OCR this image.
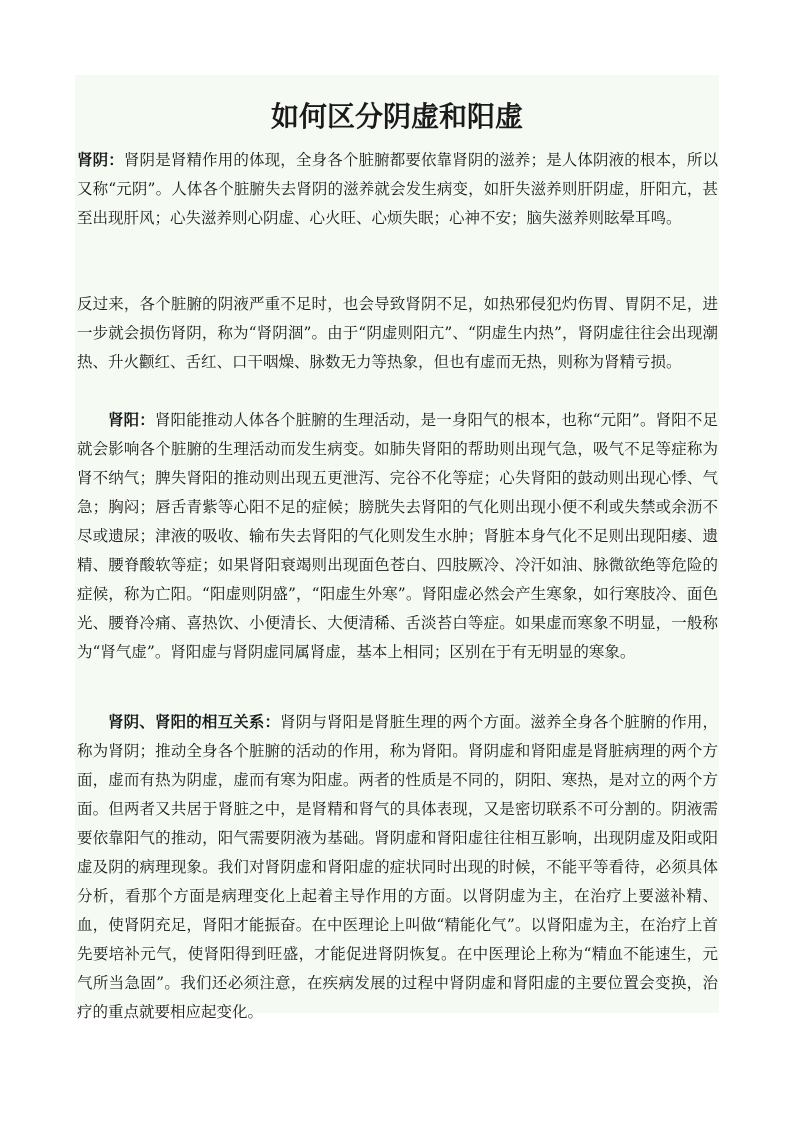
如何区分阴虚和阳虚

肾阴：肾阴是肾精作用的体现，全身各个脏腑都要依靠肾阴的滋养；是人体阴液的根本，所以又称“元阴”。人体各个脏腑失去肾阴的滋养就会发生病变，如肝失滋养则肝阴虚，肝阳亢，甚至出现肝风；心失滋养则心阴虚、心火旺、心烦失眠；心神不安；脑失滋养则眩晕耳鸣。

反过来，各个脏腑的阴液严重不足时，也会导致肾阴不足，如热邪侵犯灼伤胃、胃阴不足，进一步就会损伤肾阴，称为“肾阴涸”。由于“阴虚则阳亢”、“阴虚生内热”，肾阴虚往往会出现潮热、升火颧红、舌红、口干咽燥、脉数无力等热象，但也有虚而无热，则称为肾精亏损。

肾阳：肾阳能推动人体各个脏腑的生理活动，是一身阳气的根本，也称“元阳”。肾阳不足就会影响各个脏腑的生理活动而发生病变。如肺失肾阳的帮助则出现气急，吸气不足等症称为肾不纳气；脾失肾阳的推动则出现五更泄泻、完谷不化等症；心失肾阳的鼓动则出现心悸、气急；胸闷；唇舌青紫等心阳不足的症候；膀胱失去肾阳的气化则出现小便不利或失禁或余沥不尽或遗尿；津液的吸收、输布失去肾阳的气化则发生水肿；肾脏本身气化不足则出现阳痿、遗精、腰脊酸软等症；如果肾阳衰竭则出现面色苍白、四肢厥冷、冷汗如油、脉微欲绝等危险的症候，称为亡阳。“阳虚则阴盛”，“阳虚生外寒”。肾阳虚必然会产生寒象，如行寒肢冷、面色 光、腰脊冷痛、喜热饮、小便清长、大便清稀、舌淡苔白等症。如果虚而寒象不明显，一般称为“肾气虚”。肾阳虚与肾阴虚同属肾虚，基本上相同；区别在于有无明显的寒象。

肾阴、肾阳的相互关系：肾阴与肾阳是肾脏生理的两个方面。滋养全身各个脏腑的作用，称为肾阴；推动全身各个脏腑的活动的作用，称为肾阳。肾阴虚和肾阳虚是肾脏病理的两个方面，虚而有热为阴虚，虚而有寒为阳虚。两者的性质是不同的，阴阳、寒热，是对立的两个方面。但两者又共居于肾脏之中，是肾精和肾气的具体表现，又是密切联系不可分割的。阴液需要依靠阳气的推动，阳气需要阴液为基础。肾阴虚和肾阳虚往往相互影响，出现阴虚及阳或阳虚及阴的病理现象。我们对肾阴虚和肾阳虚的症状同时出现的时候，不能平等看待，必须具体分析，看那个方面是病理变化上起着主导作用的方面。以肾阴虚为主，在治疗上要滋补精、血，使肾阴充足，肾阳才能振奋。在中医理论上叫做“精能化气”。以肾阳虚为主，在治疗上首先要培补元气，使肾阳得到旺盛，才能促进肾阴恢复。在中医理论上称为“精血不能速生，元气所当急固”。我们还必须注意，在疾病发展的过程中肾阴虚和肾阳虚的主要位置会变换，治疗的重点就要相应起变化。
